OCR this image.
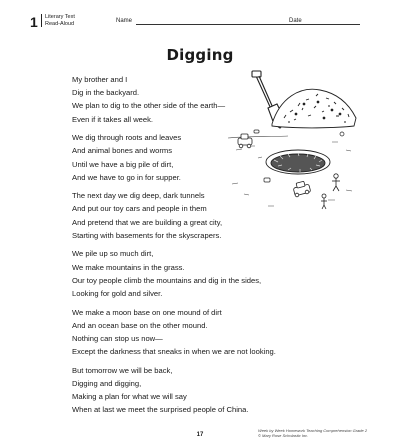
1 Literary Text
Read-Aloud	Name	Date
Digging
My brother and I
Dig in the backyard.
We plan to dig to the other side of the earth—
Even if it takes all week.
We dig through roots and leaves
And animal bones and worms
Until we have a big pile of dirt,
And we have to go in for supper.
The next day we dig deep, dark tunnels
And put our toy cars and people in them
And pretend that we are building a great city,
Starting with basements for the skyscrapers.
We pile up so much dirt,
We make mountains in the grass.
Our toy people climb the mountains and dig in the sides,
Looking for gold and silver.
We make a moon base on one mound of dirt
And an ocean base on the other mound.
Nothing can stop us now—
Except the darkness that sneaks in when we are not looking.
But tomorrow we will be back,
Digging and digging,
Making a plan for what we will say
When at last we meet the surprised people of China.
Week by Week Homework Teaching Comprehension Grade 2
© Mary Rose Scholastic Inc.
17
